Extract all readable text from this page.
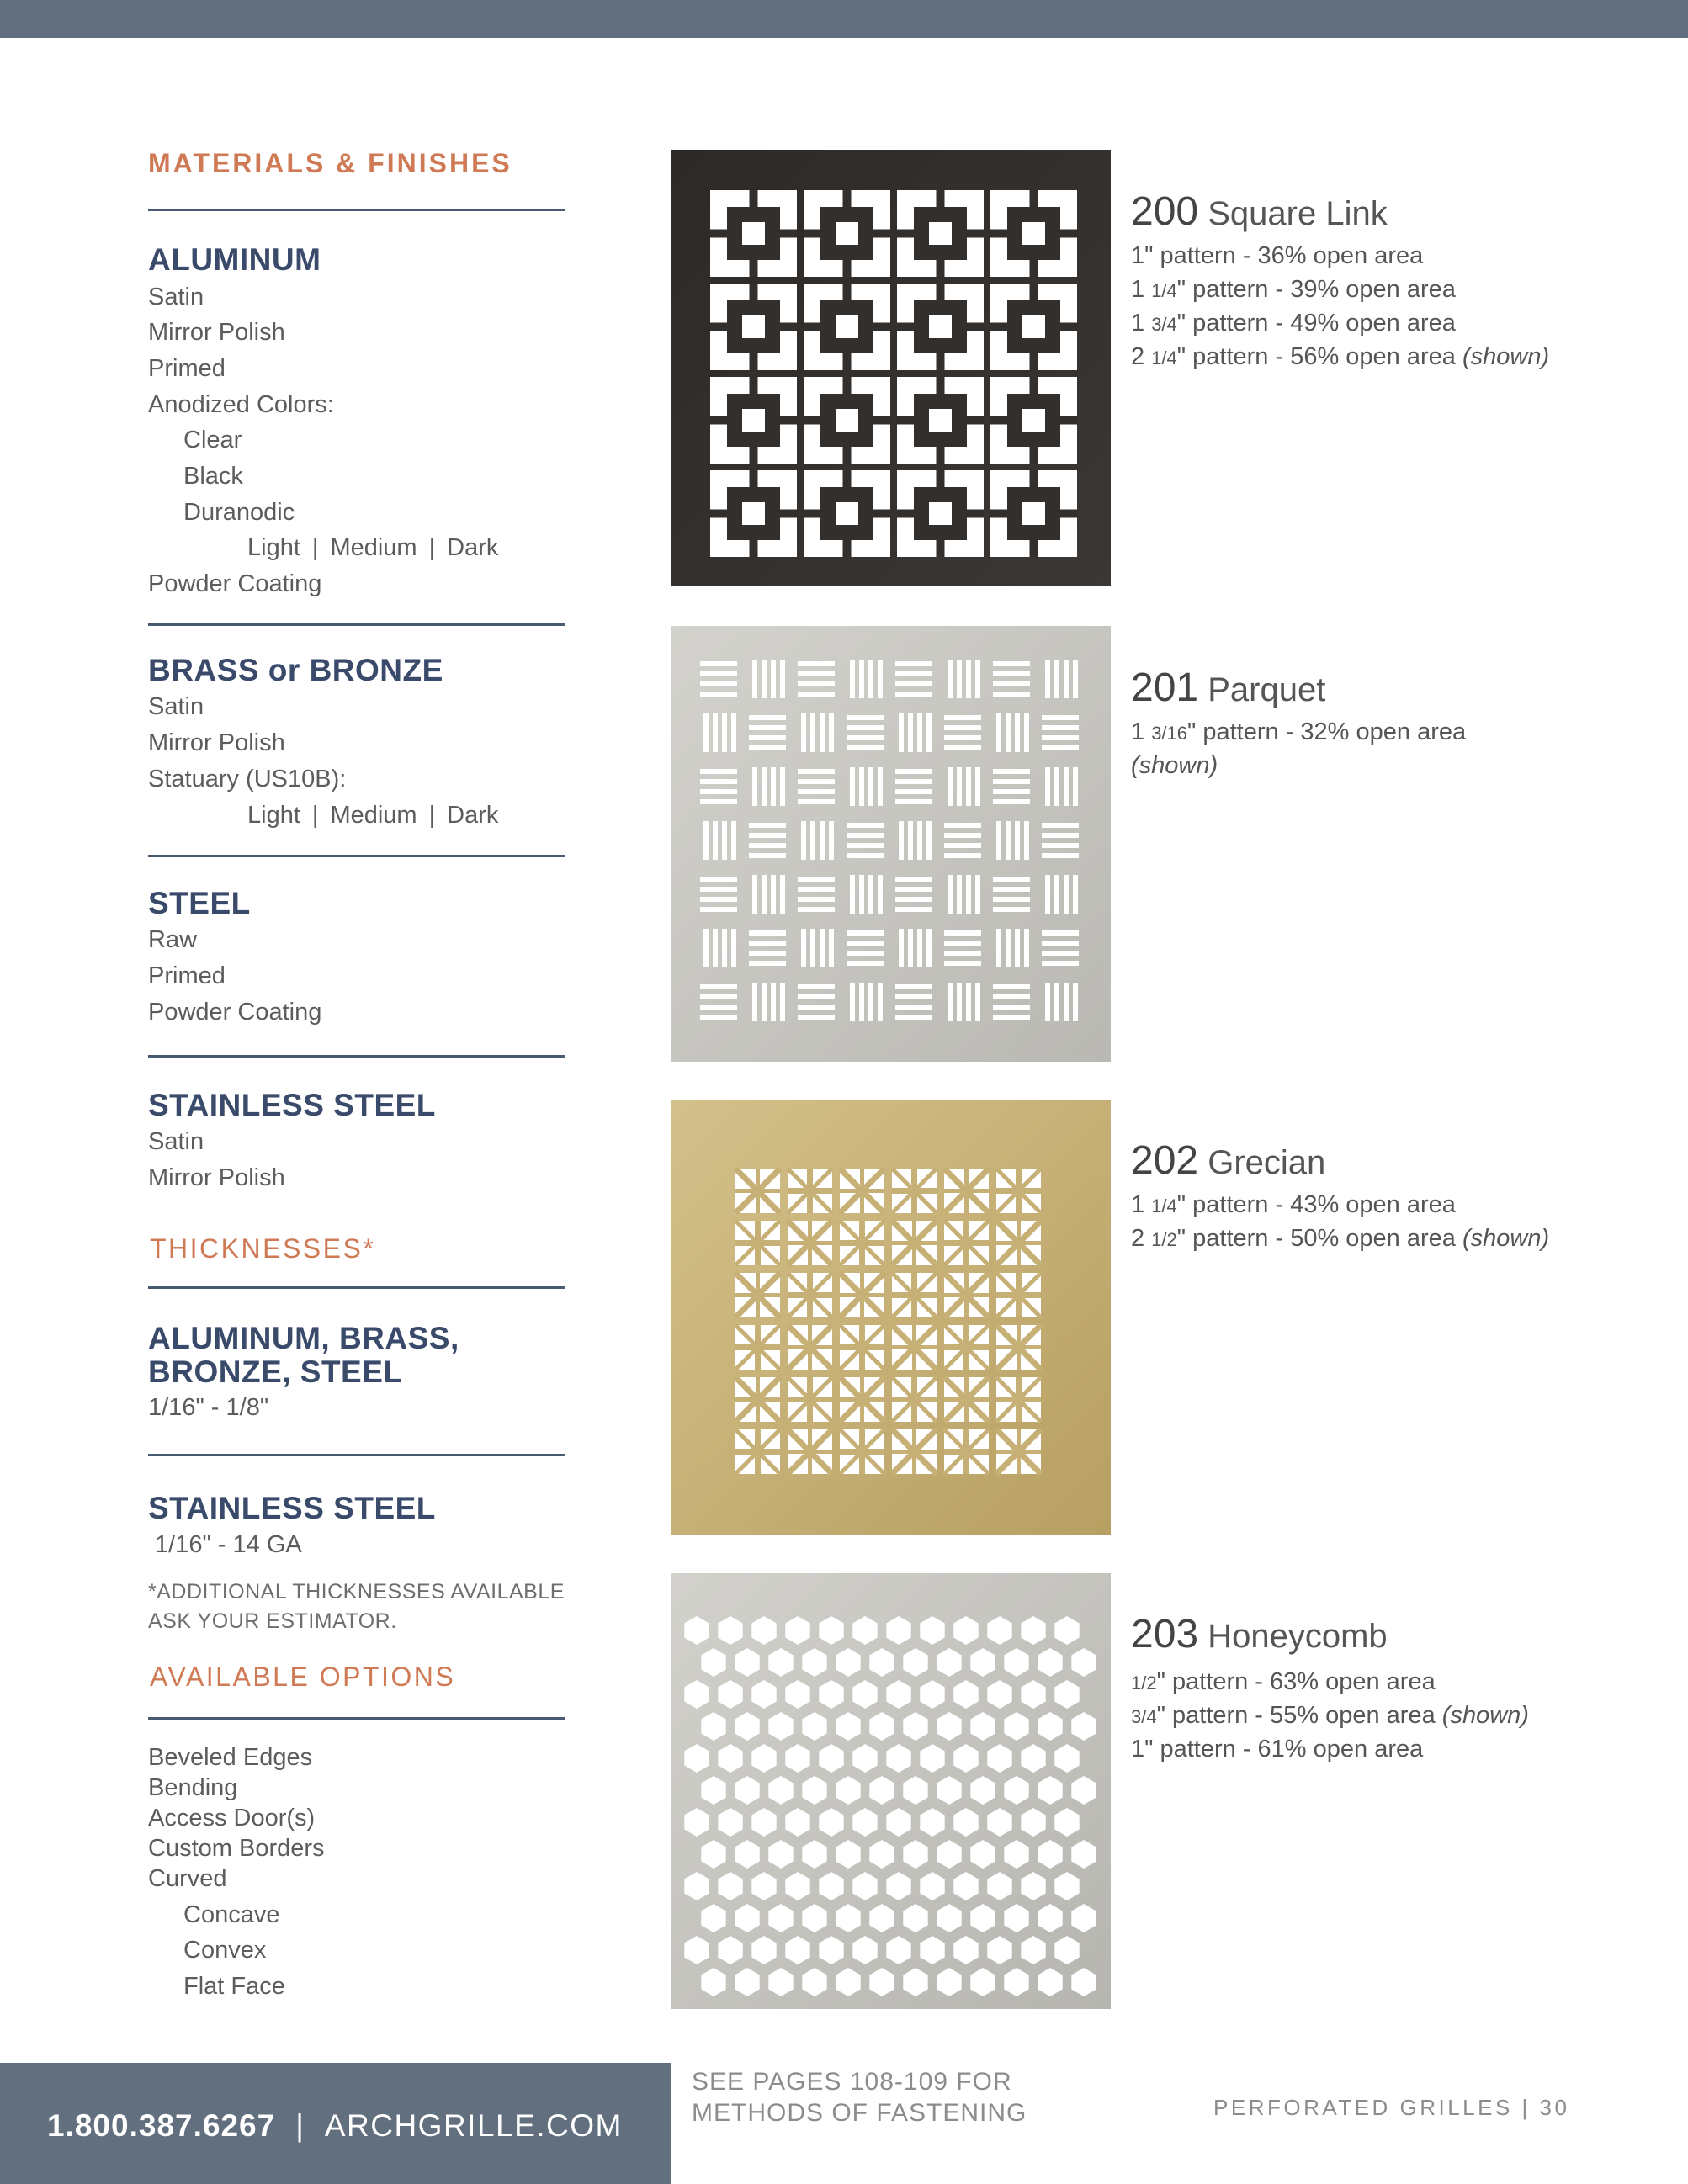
MATERIALS & FINISHES
ALUMINUM
Satin
Mirror Polish
Primed
Anodized Colors:
Clear
Black
Duranodic
Light | Medium | Dark
Powder Coating
BRASS or BRONZE
Satin
Mirror Polish
Statuary (US10B):
Light | Medium | Dark
STEEL
Raw
Primed
Powder Coating
STAINLESS STEEL
Satin
Mirror Polish
THICKNESSES*
ALUMINUM, BRASS,
BRONZE, STEEL
1/16" - 1/8"
STAINLESS STEEL
1/16" - 14 GA
*ADDITIONAL THICKNESSES AVAILABLE
ASK YOUR ESTIMATOR.
AVAILABLE OPTIONS
Beveled Edges
Bending
Access Door(s)
Custom Borders
Curved
Concave
Convex
Flat Face
200 Square Link
1" pattern - 36% open area
1 1/4" pattern - 39% open area
1 3/4" pattern - 49% open area
2 1/4" pattern - 56% open area (shown)
201 Parquet
1 3/16" pattern - 32% open area
(shown)
202 Grecian
1 1/4" pattern - 43% open area
2 1/2" pattern - 50% open area (shown)
203 Honeycomb
1/2" pattern - 63% open area
3/4" pattern - 55% open area (shown)
1" pattern - 61% open area
1.800.387.6267 | ARCHGRILLE.COM
SEE PAGES 108-109 FOR
METHODS OF FASTENING	PERFORATED GRILLES | 30
